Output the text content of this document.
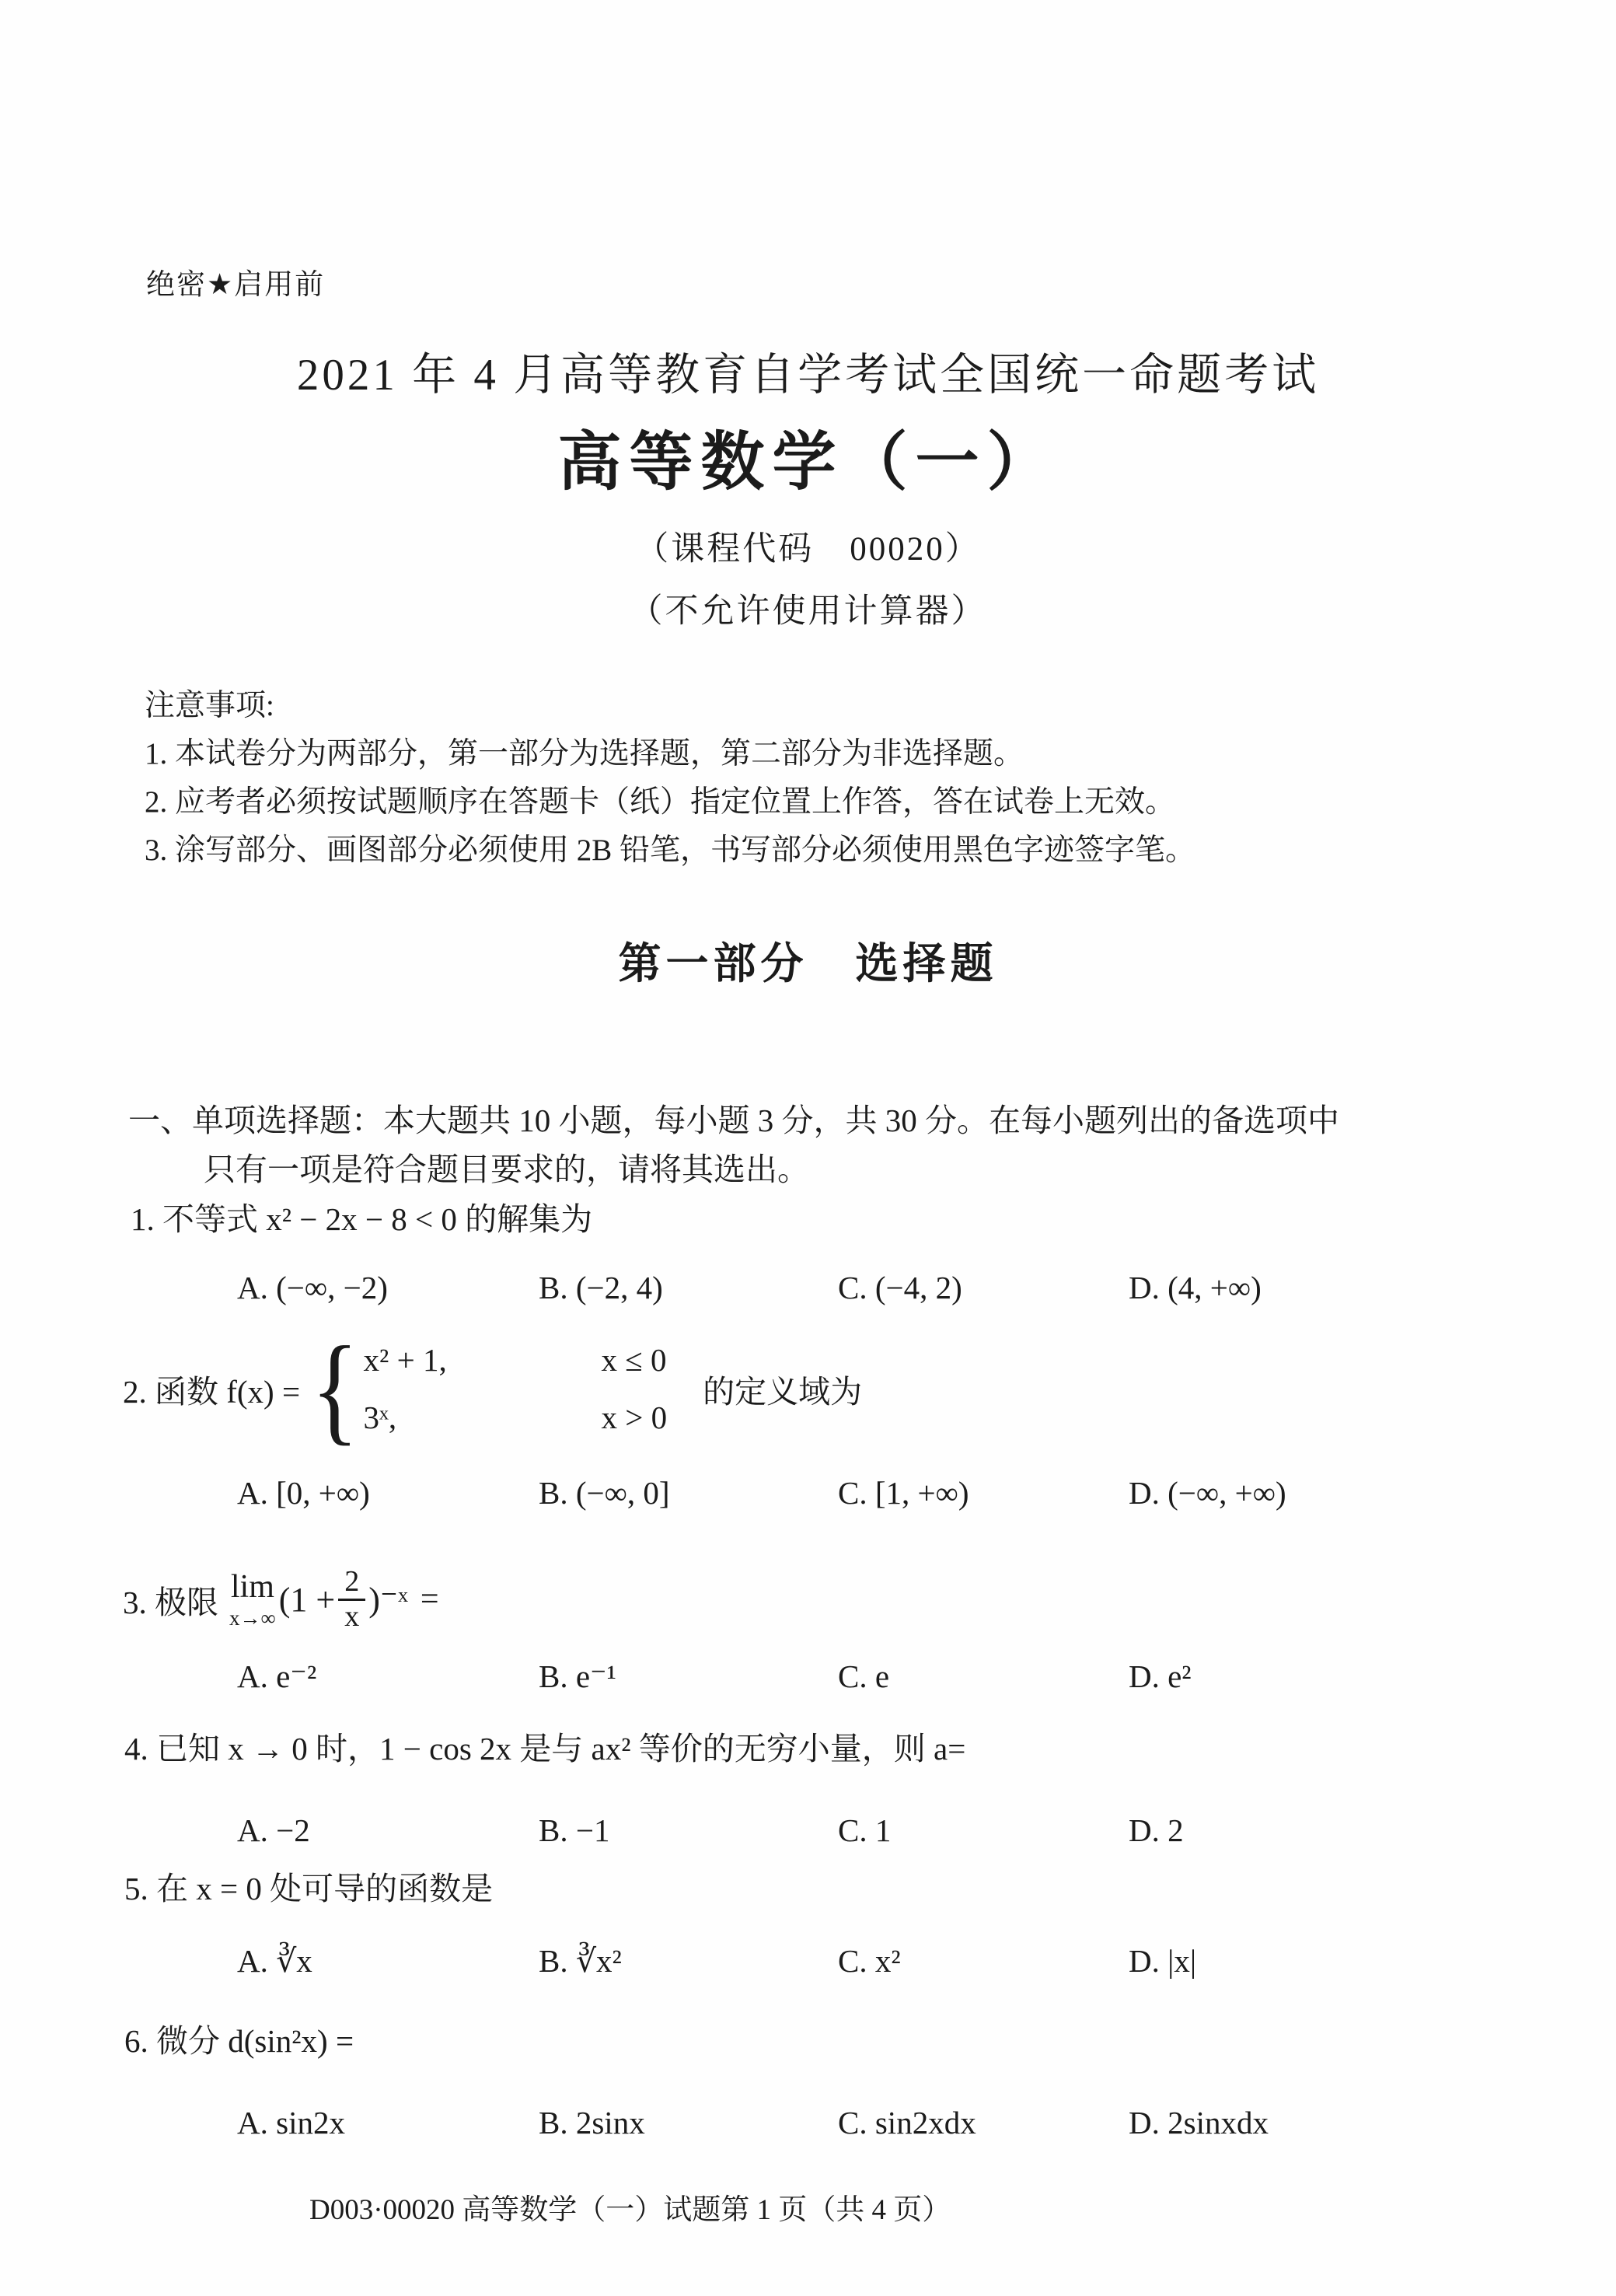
绝密★启用前
2021 年 4 月高等教育自学考试全国统一命题考试
高等数学（一）
（课程代码　00020）
（不允许使用计算器）
注意事项:
1. 本试卷分为两部分，第一部分为选择题，第二部分为非选择题。
2. 应考者必须按试题顺序在答题卡（纸）指定位置上作答，答在试卷上无效。
3. 涂写部分、画图部分必须使用 2B 铅笔，书写部分必须使用黑色字迹签字笔。
第一部分　选择题
一、单项选择题：本大题共 10 小题，每小题 3 分，共 30 分。在每小题列出的备选项中
只有一项是符合题目要求的，请将其选出。
1. 不等式 x² − 2x − 8 < 0 的解集为
A. (−∞, −2)	B. (−2, 4)	C. (−4, 2)	D. (4, +∞)
2. 函数 f(x) = { x² + 1,	x ≤ 0
3ˣ,	x > 0
的定义域为
A. [0, +∞)	B. (−∞, 0]	C. [1, +∞)	D. (−∞, +∞)
3. 极限 lim
x→∞ ($1 + \frac{2}{x}$ )⁻ˣ =
A. e⁻²	B. e⁻¹	C. e	D. e²
4. 已知 x → 0 时，1 − cos 2x 是与 ax² 等价的无穷小量，则 a=
A. −2	B. −1	C. 1	D. 2
5. 在 x = 0 处可导的函数是
A. ∛x	B. ∛x²	C. x²	D. |x|
6. 微分 d(sin²x) =
A. sin2x	B. 2sinx	C. sin2xdx	D. 2sinxdx
D003·00020 高等数学（一）试题第 1 页（共 4 页）
